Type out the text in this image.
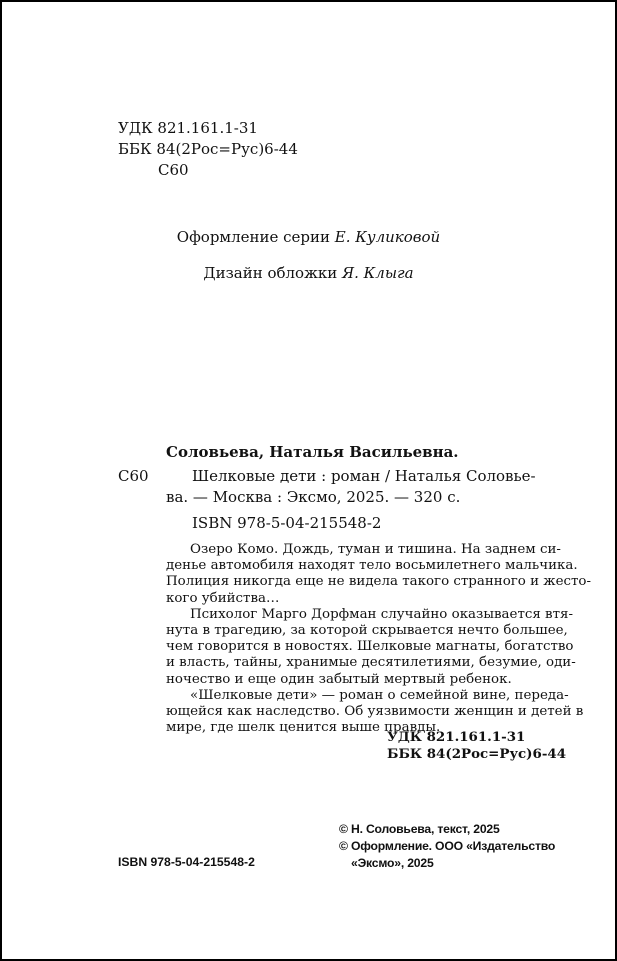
УДК 821.161.1-31
ББК 84(2Рос=Рус)6-44
С60
Оформление серии Е. Куликовой
Дизайн обложки Я. Клыга
Соловьева, Наталья Васильевна.
С60	Шелковые дети : роман / Наталья Соловье-
ва. — Москва : Эксмо, 2025. — 320 с.
ISBN 978-5-04-215548-2

Озеро Комо. Дождь, туман и тишина. На заднем си-

денье автомобиля находят тело восьмилетнего мальчика.

Полиция никогда еще не видела такого странного и жесто-

кого убийства…

Психолог Марго Дорфман случайно оказывается втя-

нута в трагедию, за которой скрывается нечто большее,

чем говорится в новостях. Шелковые магнаты, богатство

и власть, тайны, хранимые десятилетиями, безумие, оди-

ночество и еще один забытый мертвый ребенок.

«Шелковые дети» — роман о семейной вине, переда-

ющейся как наследство. Об уязвимости женщин и детей в

мире, где шелк ценится выше правды.

УДК 821.161.1-31
ББК 84(2Рос=Рус)6-44
© Н. Соловьева, текст, 2025
© Оформление. ООО «Издательство
«Эксмо», 2025
ISBN 978-5-04-215548-2
